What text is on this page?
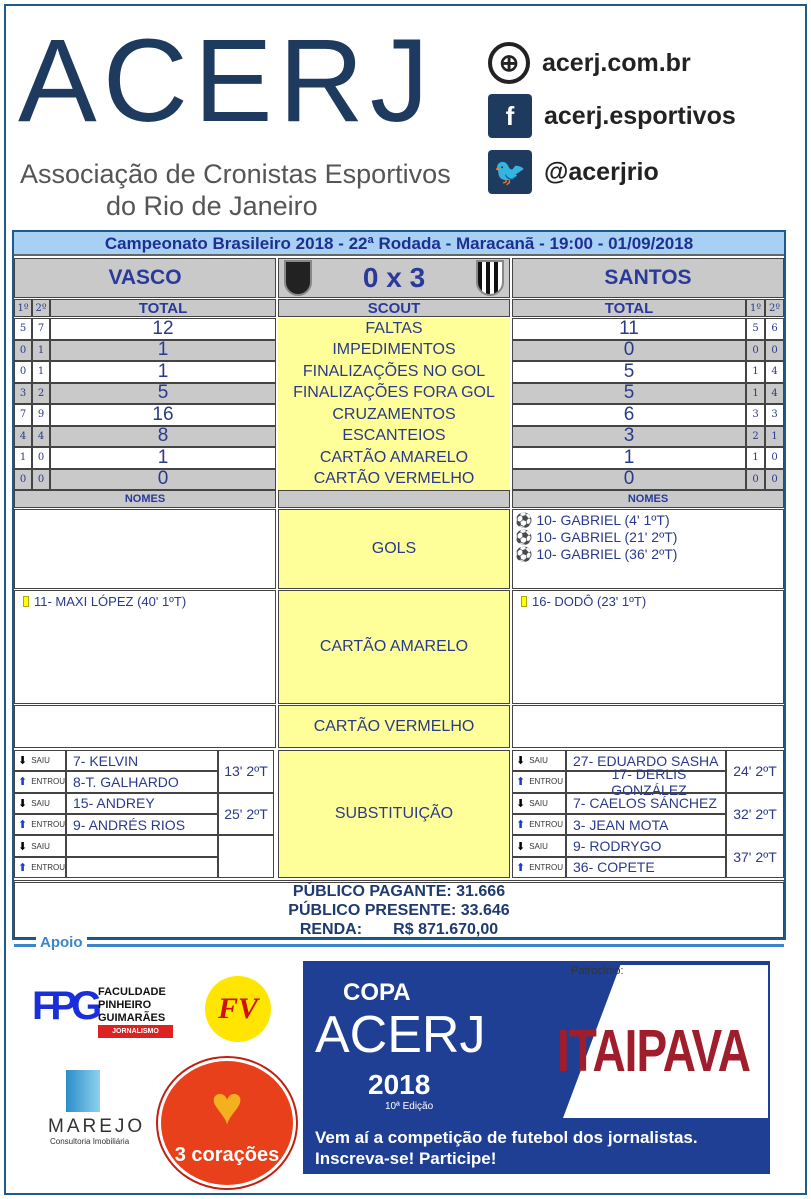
ACERJ
Associação de Cronistas Esportivos
do Rio de Janeiro
⊕ acerj.com.br
f	acerj.esportivos
🐦 @acerjrio
Campeonato Brasileiro 2018 - 22ª Rodada - Maracanã - 19:00 - 01/09/2018
VASCO	0 x 3	SANTOS
1º 2º	TOTAL	SCOUT	TOTAL	1º 2º
5	7	12	FALTAS	11	5	6
0	1	1	IMPEDIMENTOS	0	0	0
0	1	1	FINALIZAÇÕES NO GOL	5	1	4
3	2	5	FINALIZAÇÕES FORA GOL	5	1	4
7	9	16	CRUZAMENTOS	6	3	3
4	4	8	ESCANTEIOS	3	2	1
1	0	1	CARTÃO AMARELO	1	1	0
0	0	0	CARTÃO VERMELHO	0	0	0
NOMES	NOMES
GOLS
⚽
10- GABRIEL (4' 1ºT)
⚽
10- GABRIEL (21' 2ºT)
⚽
10- GABRIEL (36' 2ºT)
11- MAXI LÓPEZ (40' 1ºT)
CARTÃO AMARELO
16- DODÔ (23' 1ºT)
CARTÃO VERMELHO
⬇ SAIU	7- KELVIN
⬆ ENTROU 8-T. GALHARDO
13' 2ºT
⬇ SAIU	15- ANDREY
⬆ ENTROU 9- ANDRÉS RIOS
25' 2ºT
⬇ SAIU
⬆ ENTROU
⬇ SAIU	27- EDUARDO SASHA
⬆ ENTROU	17- DERLIS GONZÁLEZ
24' 2ºT
⬇ SAIU	7- CAELOS SÁNCHEZ
⬆ ENTROU 3- JEAN MOTA
32' 2ºT
⬇ SAIU	9- RODRYGO
⬆ ENTROU 36- COPETE
37' 2ºT
SUBSTITUIÇÃO
PÚBLICO PAGANTE: 31.666
PÚBLICO PRESENTE: 33.646
RENDA: R$ 871.670,00
Apoio
FPG FACULDADE PINHEIRO GUIMARÃES
JORNALISMO
FV
MAREJO
Consultoria Imobiliária
♥
3 corações
Patrocínio:
ITAIPAVA
COPA
ACERJ
2018
10ª Edição
Vem aí a competição de futebol dos jornalistas.
Inscreva-se! Participe!
